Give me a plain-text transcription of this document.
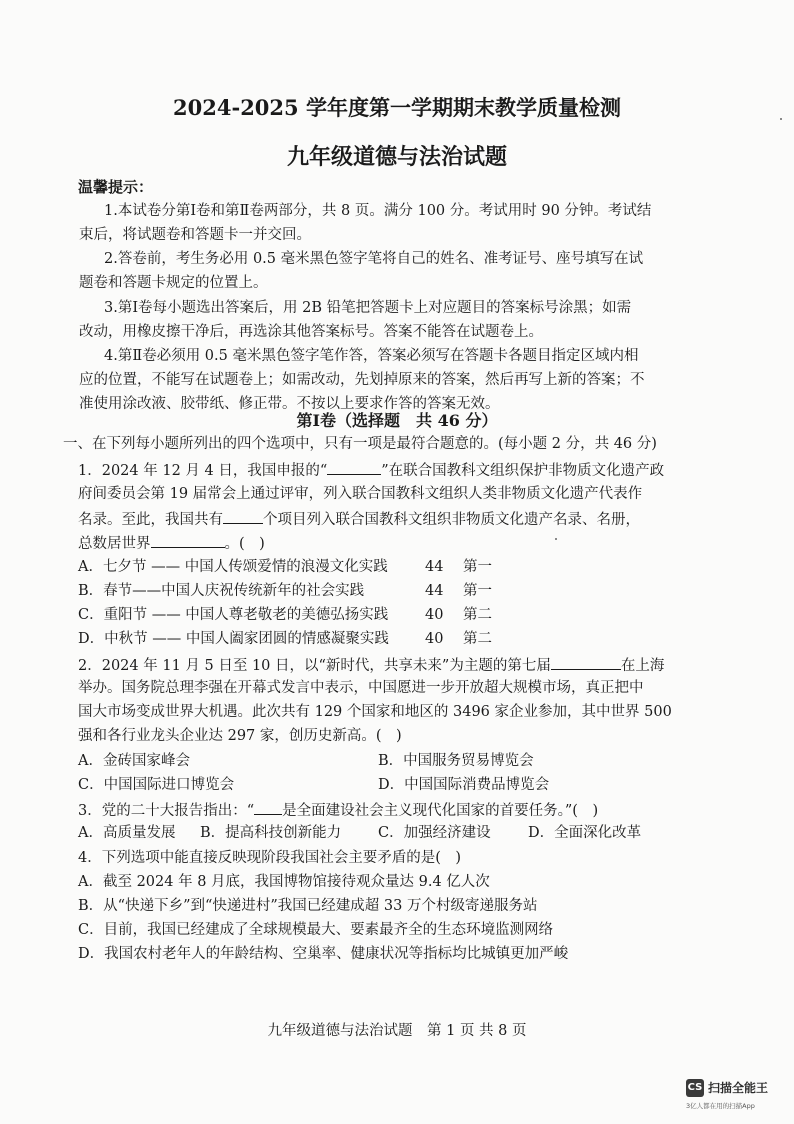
2024-2025 学年度第一学期期末教学质量检测
九年级道德与法治试题
温馨提示：
1.本试卷分第Ⅰ卷和第Ⅱ卷两部分，共 8 页。满分 100 分。考试用时 90 分钟。考试结
束后，将试题卷和答题卡一并交回。
2.答卷前，考生务必用 0.5 毫米黑色签字笔将自己的姓名、准考证号、座号填写在试
题卷和答题卡规定的位置上。
3.第Ⅰ卷每小题选出答案后，用 2B 铅笔把答题卡上对应题目的答案标号涂黑；如需
改动，用橡皮擦干净后，再选涂其他答案标号。答案不能答在试题卷上。
4.第Ⅱ卷必须用 0.5 毫米黑色签字笔作答，答案必须写在答题卡各题目指定区域内相
应的位置，不能写在试题卷上；如需改动，先划掉原来的答案，然后再写上新的答案；不
准使用涂改液、胶带纸、修正带。不按以上要求作答的答案无效。
第Ⅰ卷（选择题　共 46 分）
一、在下列每小题所列出的四个选项中，只有一项是最符合题意的。(每小题 2 分，共 46 分)
1．2024 年 12 月 4 日，我国申报的“	”在联合国教科文组织保护非物质文化遗产政
府间委员会第 19 届常会上通过评审，列入联合国教科文组织人类非物质文化遗产代表作
名录。至此，我国共有	个项目列入联合国教科文组织非物质文化遗产名录、名册，
总数居世界	。(　)
A．七夕节 —— 中国人传颂爱情的浪漫文化实践	44 第一
B．春节——中国人庆祝传统新年的社会实践	44 第一
C．重阳节 —— 中国人尊老敬老的美德弘扬实践	40 第二
D．中秋节 —— 中国人阖家团圆的情感凝聚实践 40 第二
2．2024 年 11 月 5 日至 10 日，以“新时代，共享未来”为主题的第七届	在上海
举办。国务院总理李强在开幕式发言中表示，中国愿进一步开放超大规模市场，真正把中
国大市场变成世界大机遇。此次共有 129 个国家和地区的 3496 家企业参加，其中世界 500
强和各行业龙头企业达 297 家，创历史新高。(　)
A．金砖国家峰会	B．中国服务贸易博览会
C．中国国际进口博览会	D．中国国际消费品博览会
3．党的二十大报告指出：“ 是全面建设社会主义现代化国家的首要任务。”(　)
A．高质量发展 B．提高科技创新能力	C．加强经济建设	D．全面深化改革
4．下列选项中能直接反映现阶段我国社会主要矛盾的是(　)
A．截至 2024 年 8 月底，我国博物馆接待观众量达 9.4 亿人次
B．从“快递下乡”到“快递进村”我国已经建成超 33 万个村级寄递服务站
C．目前，我国已经建成了全球规模最大、要素最齐全的生态环境监测网络
D．我国农村老年人的年龄结构、空巢率、健康状况等指标均比城镇更加严峻
九年级道德与法治试题　第 1 页 共 8 页
CS 扫描全能王
3亿人都在用的扫描App
